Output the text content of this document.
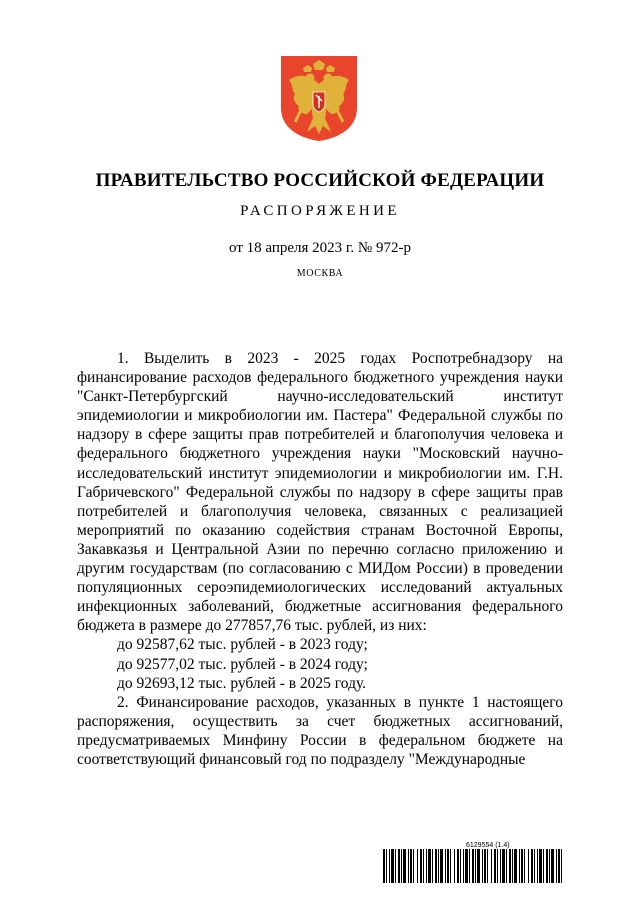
ПРАВИТЕЛЬСТВО РОССИЙСКОЙ ФЕДЕРАЦИИ
РАСПОРЯЖЕНИЕ
от 18 апреля 2023 г. № 972-р
МОСКВА

1. Выделить в 2023 - 2025 годах Роспотребнадзору на финансирование расходов федерального бюджетного учреждения науки "Санкт-Петербургский научно-исследовательский институт эпидемиологии и микробиологии им. Пастера" Федеральной службы по надзору в сфере защиты прав потребителей и благополучия человека и федерального бюджетного учреждения науки "Московский научно-исследовательский институт эпидемиологии и микробиологии им. Г.Н. Габричевского" Федеральной службы по надзору в сфере защиты прав потребителей и благополучия человека, связанных с реализацией мероприятий по оказанию содействия странам Восточной Европы, Закавказья и Центральной Азии по перечню согласно приложению и другим государствам (по согласованию с МИДом России) в проведении популяционных сероэпидемиологических исследований актуальных инфекционных заболеваний, бюджетные ассигнования федерального бюджета в размере до 277857,76 тыс. рублей, из них:

до 92587,62 тыс. рублей - в 2023 году;

до 92577,02 тыс. рублей - в 2024 году;

до 92693,12 тыс. рублей - в 2025 году.

2. Финансирование расходов, указанных в пункте 1 настоящего распоряжения, осуществить за счет бюджетных ассигнований, предусматриваемых Минфину России в федеральном бюджете на соответствующий финансовый год по подразделу "Международные

6129554 (1.4)
